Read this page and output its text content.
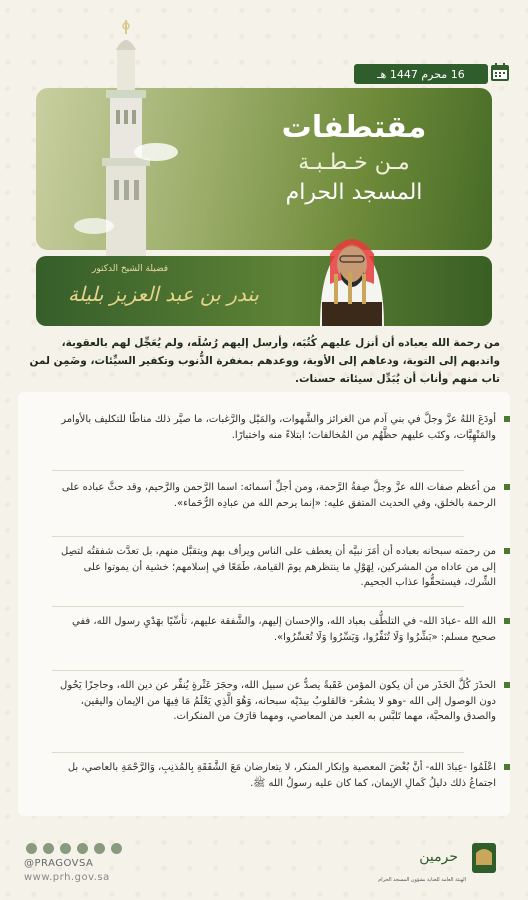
16 محرم 1447 هـ
مقتطفات
مـن خـطـبـة
المسجد الحرام
فضيلة الشيخ الدكتور
بندر بن عبد العزيز بليلة
من رحمة الله بعباده أن أنزل عليهم كُتُبَه، وأرسل إليهم رُسُلَه، ولم يُعَجِّل لهم بالعقوبة، واندبهم إلى التوبة، ودعاهم إلى الأوبة، ووعدهم بمغفرة الذُّنوب وتكفير السيِّئات، وضَمِن لمن تاب منهم وأناب أن يُبَدِّل سيئاته حسنات.
أودَعَ اللهُ عزَّ وجلَّ في بني آدم من الغرائز والشَّهوات، والمَيْل والرَّغبات، ما صيَّر ذلك مناطًا للتكليف بالأوامر والمَنْهِيَّات، وكتَب عليهم حظَّهُم من المُخالفات؛ ابتلاءً منه واختبارًا.
من أعظم صفات الله عزَّ وجلَّ صِفةُ الرَّحمة، ومن أجلِّ أسمائه: اسما الرَّحمن والرَّحيم، وقد حثَّ عباده على الرحمة بالخلق، وفي الحديث المتفق عليه: «إنما يرحم الله من عبادِه الرُّحَماء».
من رحمته سبحانه بعباده أن أمَرَ نبيَّه أن يعطف على الناس ويرأف بهم ويتقبَّل منهم، بل تعدَّت شفقتُه لتصِل إلى من عاداه من المشركين، لِهَوْلِ ما ينتظرهم يومَ القيامة، طَمَعًا في إسلامهم؛ خشية أن يموتوا على الشِّرك، فيستحقُّوا عذاب الجحيم.
الله الله -عبادَ الله- في التلطُّف بعباد الله، والإحسان إليهم، والشَّفقة عليهم، تأسِّيًا بهَدْيِ رسول الله، ففي صحيح مسلم: «بَشِّرُوا وَلَا تُنَفِّرُوا، وَيَسِّرُوا وَلَا تُعَسِّرُوا».
الحذَرَ كُلَّ الحَذَر من أن يكون المؤمن عَقَبةً يصدُّ عن سبيل الله، وحجَرَ عَثْرةٍ يُنفِّر عن دين الله، وحاجزًا يَحُول دون الوصول إلى الله -وهو لا يشعُر- فالقلوبُ بيدَيْه سبحانه، وَهُوَ الَّذِي يَعْلَمُ مَا فِيهَا من الإيمان واليقين، والصدق والمحبَّة، مهما تَلبَّس به العبد من المعاصي، ومهما قارَفَ من المنكرات.
اعْلَمُوا -عِبادَ الله- أنَّ بُغْضَ المعصية وإنكار المنكر، لا يتعارضان مَعَ الشَّفَقَةِ بِالمُذنِبِ، وَالرَّحْمَةِ بالعاصي، بل اجتماعُ ذلك دليلُ كَمالِ الإيمان، كما كان عليه رسولُ الله ﷺ.
@PRAGOVSA
www.prh.gov.sa
حرمين
الهيئة العامة للعناية بشؤون المسجد الحرام
